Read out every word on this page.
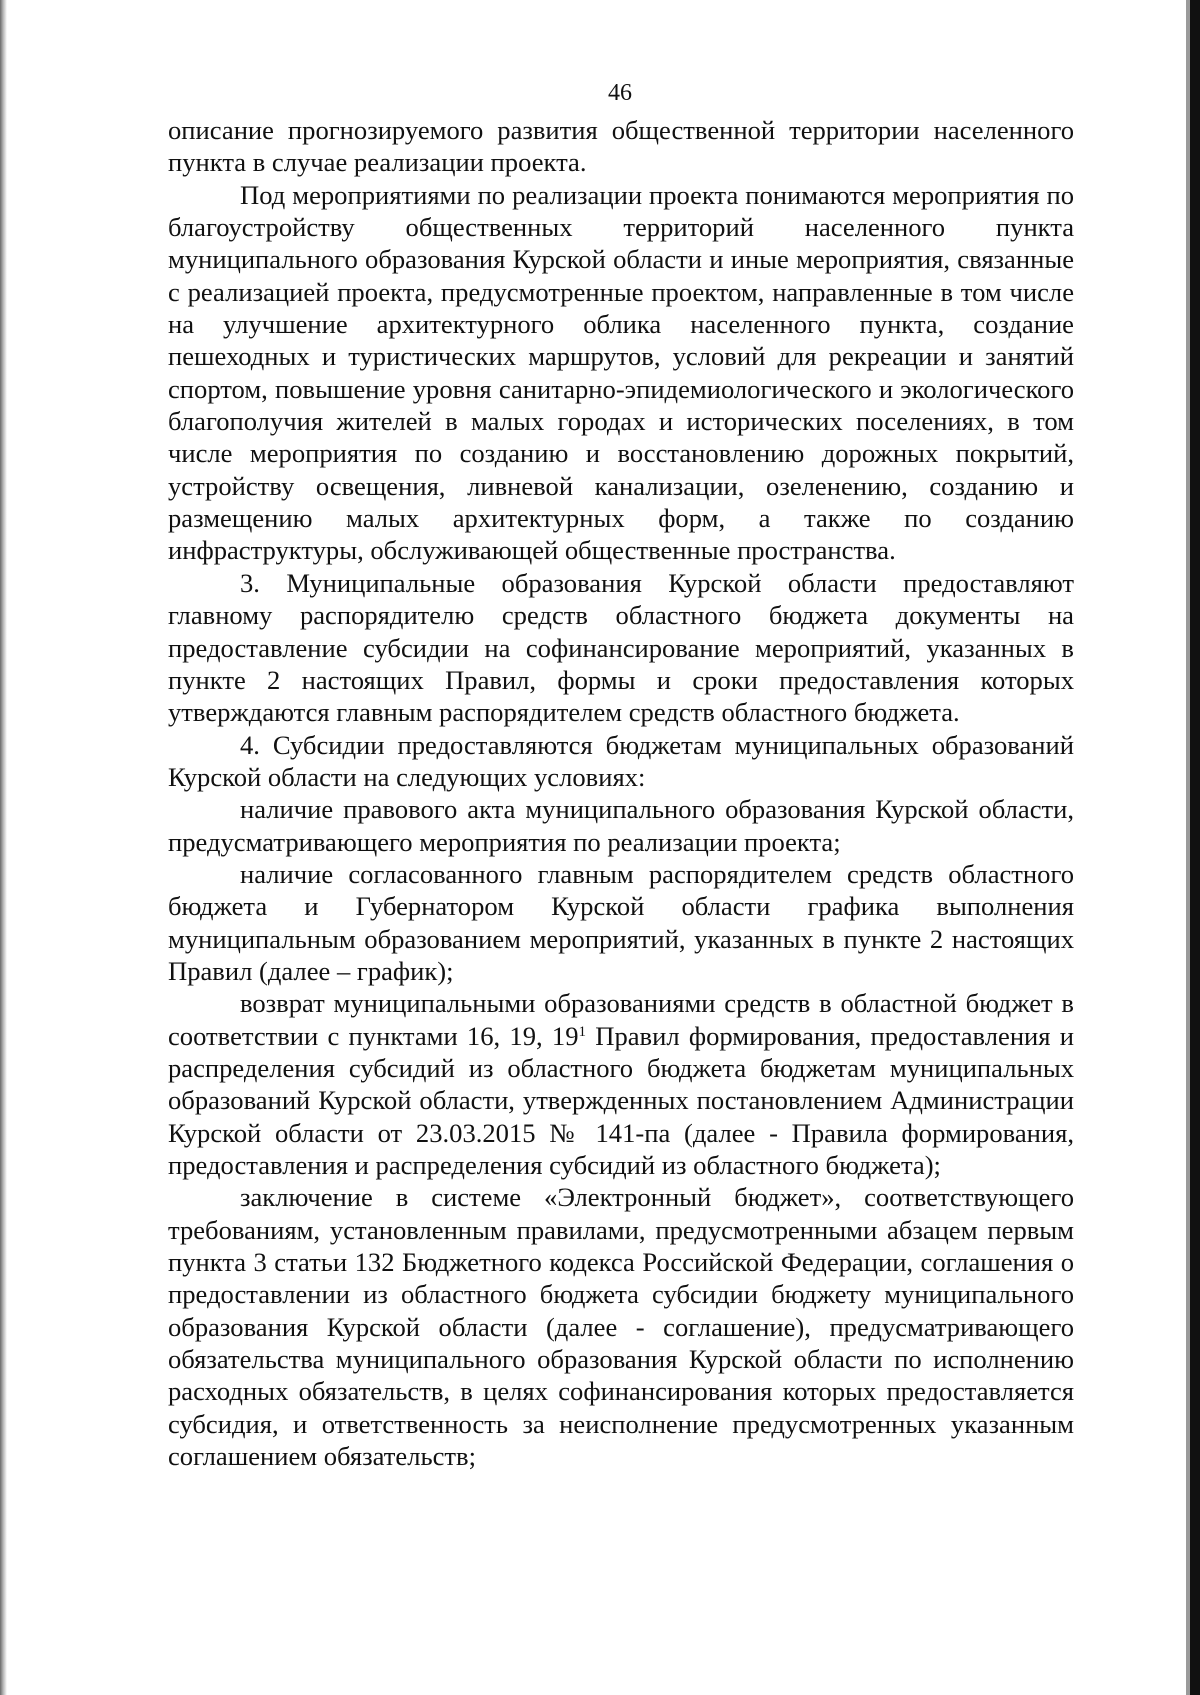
46

описание прогнозируемого развития общественной территории населенного пункта в случае реализации проекта.

Под мероприятиями по реализации проекта понимаются мероприятия по благоустройству общественных территорий населенного пункта муниципального образования Курской области и иные мероприятия, связанные с реализацией проекта, предусмотренные проектом, направленные в том числе на улучшение архитектурного облика населенного пункта, создание пешеходных и туристических маршрутов, условий для рекреации и занятий спортом, повышение уровня санитарно-эпидемиологического и экологического благополучия жителей в малых городах и исторических поселениях, в том числе мероприятия по созданию и восстановлению дорожных покрытий, устройству освещения, ливневой канализации, озеленению, созданию и размещению малых архитектурных форм, а также по созданию инфраструктуры, обслуживающей общественные пространства.

3. Муниципальные образования Курской области предоставляют главному распорядителю средств областного бюджета документы на предоставление субсидии на софинансирование мероприятий, указанных в пункте 2 настоящих Правил, формы и сроки предоставления которых утверждаются главным распорядителем средств областного бюджета.

4. Субсидии предоставляются бюджетам муниципальных образований Курской области на следующих условиях:

наличие правового акта муниципального образования Курской области, предусматривающего мероприятия по реализации проекта;

наличие согласованного главным распорядителем средств областного бюджета и Губернатором Курской области графика выполнения муниципальным образованием мероприятий, указанных в пункте 2 настоящих Правил (далее – график);

возврат муниципальными образованиями средств в областной бюджет в соответствии с пунктами 16, 19, $19^1$ Правил формирования, предоставления и распределения субсидий из областного бюджета бюджетам муниципальных образований Курской области, утвержденных постановлением Администрации Курской области от 23.03.2015 № 141-па (далее - Правила формирования, предоставления и распределения субсидий из областного бюджета);

заключение в системе «Электронный бюджет», соответствующего требованиям, установленным правилами, предусмотренными абзацем первым пункта 3 статьи 132 Бюджетного кодекса Российской Федерации, соглашения о предоставлении из областного бюджета субсидии бюджету муниципального образования Курской области (далее - соглашение), предусматривающего обязательства муниципального образования Курской области по исполнению расходных обязательств, в целях софинансирования которых предоставляется субсидия, и ответственность за неисполнение предусмотренных указанным соглашением обязательств;
